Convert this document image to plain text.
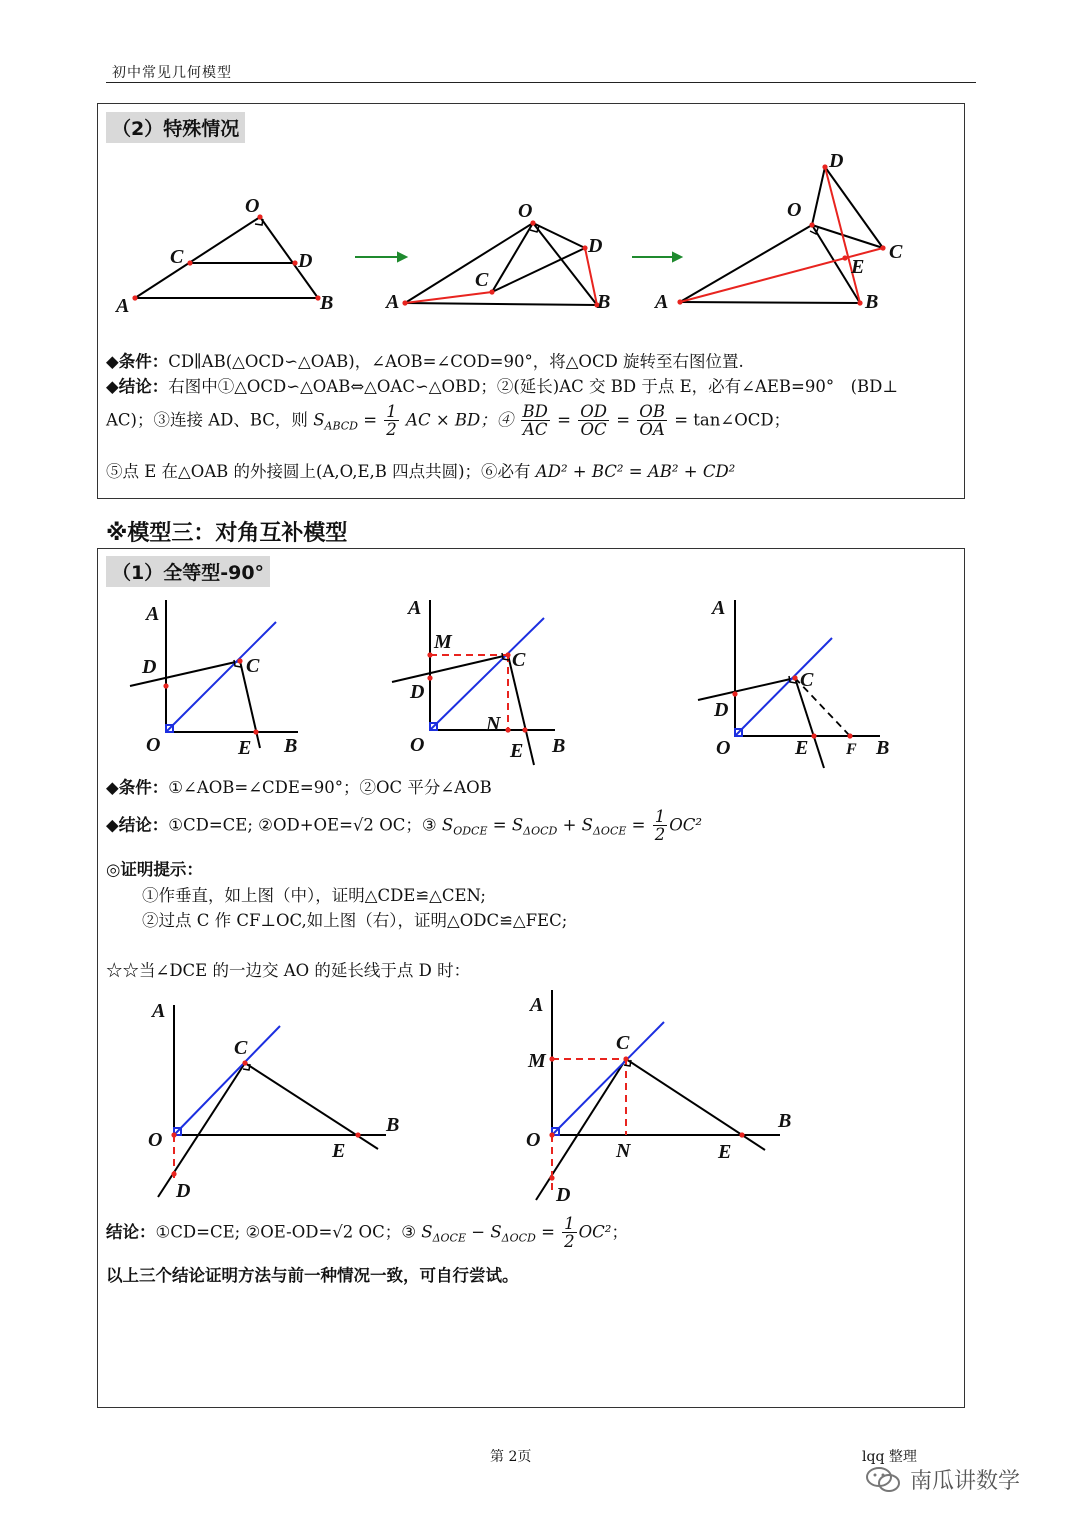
初中常见几何模型
（2）特殊情况
A
O
B
C	D
A
O
B
C
D
A
O
B
C
D
E
◆条件：CD∥AB(△OCD∽△OAB)，∠AOB=∠COD=90°，将△OCD 旋转至右图位置.
◆结论：右图中①△OCD∽△OAB⇔△OAC∽△OBD；②(延长)AC 交 BD 于点 E，必有∠AEB=90°　(BD⊥
AC)；③连接 AD、BC，则 $S_{ABCD} = \frac{1}{2}$ AC × BD；④ $\frac{BD}{AC} = \frac{OD}{OC} = \frac{OB}{OA}$ = tan∠OCD；
⑤点 E 在△OAB 的外接圆上(A,O,E,B 四点共圆)；⑥必有 AD² + BC² = AB² + CD²
※模型三：对角互补模型
（1）全等型-90°
A
D	C
O	E B
A
M
D
C
N
O	E B
A
D
C
O	E F B
◆条件：①∠AOB=∠CDE=90°；②OC 平分∠AOB
◆结论：①CD=CE; ②OD+OE=√2 OC；③ $S_{ODCE} = S_{\Delta OCD} + S_{\Delta OCE} = \frac{1}{2} OC^2$
◎证明提示：
①作垂直，如上图（中），证明△CDE≌△CEN;
②过点 C 作 CF⊥OC,如上图（右），证明△ODC≌△FEC;
☆☆当∠DCE 的一边交 AO 的延长线于点 D 时：
A
C
O
B
E
D
A
M
C
O	N	E
B
D
结论：①CD=CE; ②OE-OD=√2 OC；③ $S_{\Delta OCE} - S_{\Delta OCD} = \frac{1}{2} OC^2$；
以上三个结论证明方法与前一种情况一致，可自行尝试。
第 2页	lqq 整理
南瓜讲数学
